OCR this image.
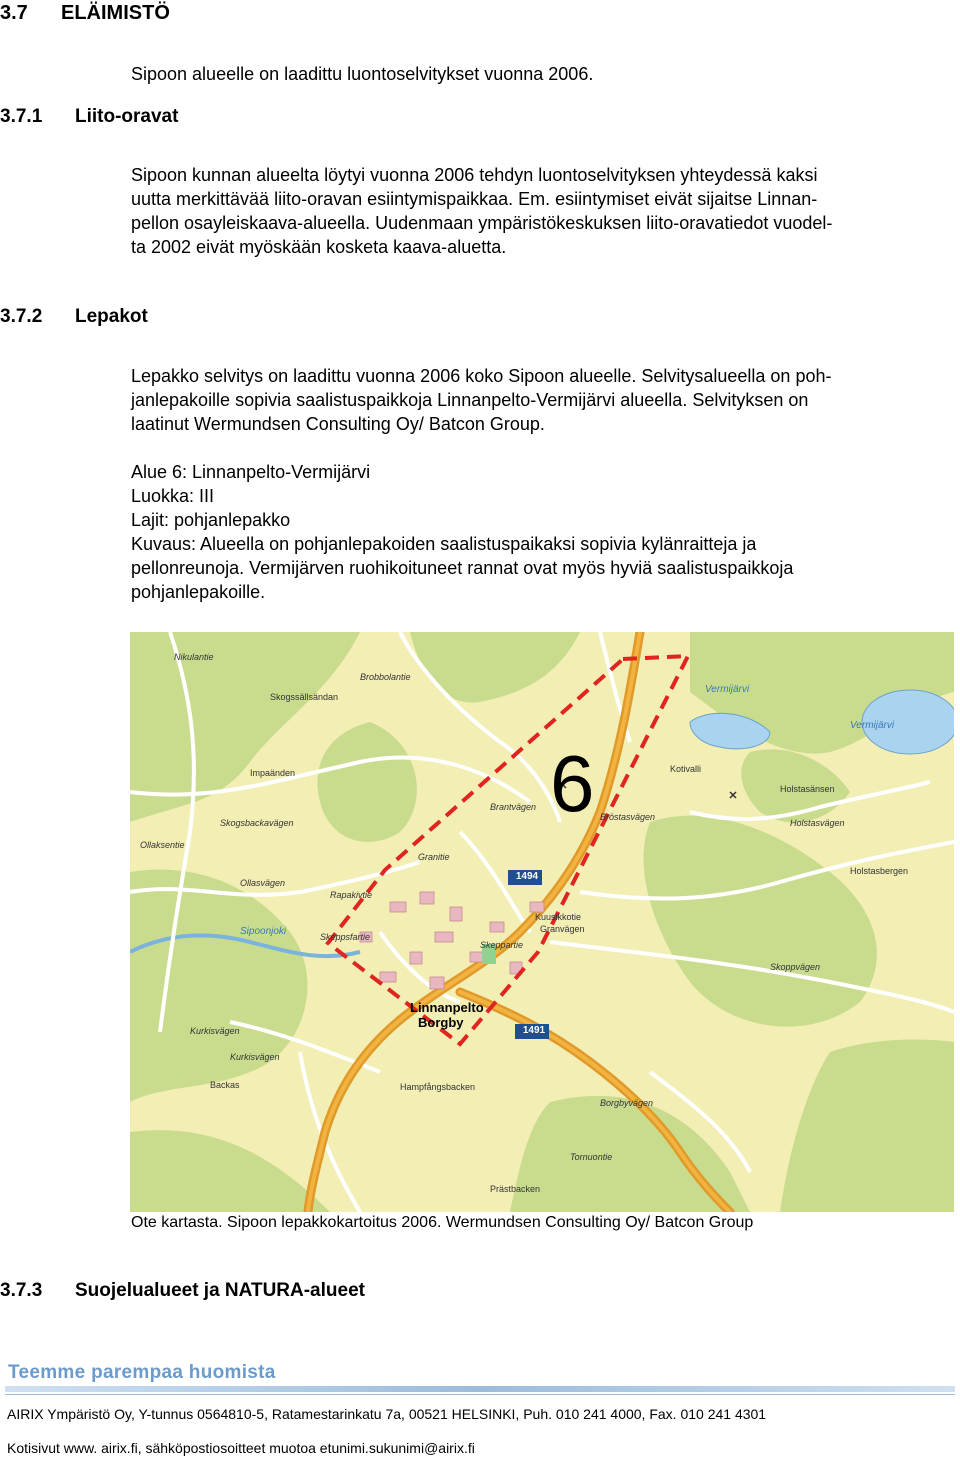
3.7 ELÄIMISTÖ
Sipoon alueelle on laadittu luontoselvitykset vuonna 2006.
3.7.1 Liito-oravat
Sipoon kunnan alueelta löytyi vuonna 2006 tehdyn luontoselvityksen yhteydessä kaksi
uutta merkittävää liito-oravan esiintymispaikkaa. Em. esiintymiset eivät sijaitse Linnan-
pellon osayleiskaava-alueella. Uudenmaan ympäristökeskuksen liito-oravatiedot vuodel-
ta 2002 eivät myöskään kosketa kaava-aluetta.
3.7.2 Lepakot
Lepakko selvitys on laadittu vuonna 2006 koko Sipoon alueelle. Selvitysalueella on poh-
janlepakoille sopivia saalistuspaikkoja Linnanpelto-Vermijärvi alueella. Selvityksen on
laatinut Wermundsen Consulting Oy/ Batcon Group.
Alue 6: Linnanpelto-Vermijärvi
Luokka: III
Lajit: pohjanlepakko
Kuvaus: Alueella on pohjanlepakoiden saalistuspaikaksi sopivia kylänraitteja ja
pellonreunoja. Vermijärven ruohikoituneet rannat ovat myös hyviä saalistuspaikkoja
pohjanlepakoille.
6
Linnanpelto
Borgby
1494
1491
Vermijärvi
Vermijärvi
Kotivalli
Holstasänsen
Holstasvägen
Holstasbergen
Impaänden
Skogssällsändan
Skogsbackavägen
Ollaksentie
Ollasvägen
Sipoonjoki
Granitie
Kuusikkotie
Granvägen
Skeppartie
Skoppvägen
Rapakivtie
Kurkisvägen
Kurkisvägen
Backas	Hampfångsbacken
Borgbyvägen
Tornuontie
Prästbacken
Bröstasvägen
Brobbolantie
Nikulantie
Brantvägen
Skeppsfartie
Ote kartasta. Sipoon lepakkokartoitus 2006. Wermundsen Consulting Oy/ Batcon Group
3.7.3 Suojelualueet ja NATURA-alueet
Teemme parempaa huomista
AIRIX Ympäristö Oy, Y-tunnus 0564810-5, Ratamestarinkatu 7a, 00521 HELSINKI, Puh. 010 241 4000, Fax. 010 241 4301
Kotisivut www. airix.fi, sähköpostiosoitteet muotoa etunimi.sukunimi@airix.fi
